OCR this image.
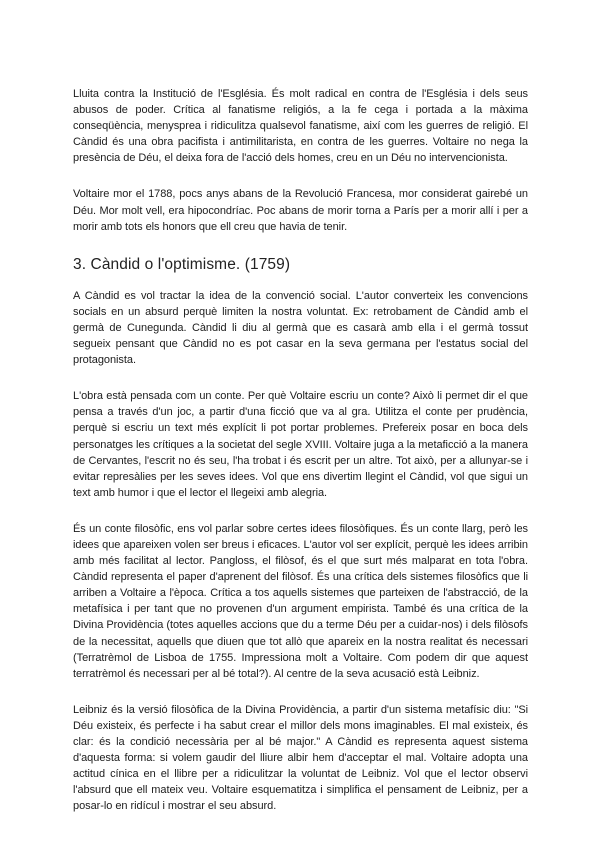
Lluita contra la Institució de l'Església. És molt radical en contra de l'Església i dels seus abusos de poder. Crítica al fanatisme religiós, a la fe cega i portada a la màxima conseqüència, menysprea i ridiculitza qualsevol fanatisme, així com les guerres de religió. El Càndid és una obra pacifista i antimilitarista, en contra de les guerres. Voltaire no nega la presència de Déu, el deixa fora de l'acció dels homes, creu en un Déu no intervencionista.

Voltaire mor el 1788, pocs anys abans de la Revolució Francesa, mor considerat gairebé un Déu. Mor molt vell, era hipocondríac. Poc abans de morir torna a París per a morir allí i per a morir amb tots els honors que ell creu que havia de tenir.

3. Càndid o l'optimisme. (1759)

A Càndid es vol tractar la idea de la convenció social. L'autor converteix les convencions socials en un absurd perquè limiten la nostra voluntat. Ex: retrobament de Càndid amb el germà de Cunegunda. Càndid li diu al germà que es casarà amb ella i el germà tossut segueix pensant que Càndid no es pot casar en la seva germana per l'estatus social del protagonista.

L'obra està pensada com un conte. Per què Voltaire escriu un conte? Això li permet dir el que pensa a través d'un joc, a partir d'una ficció que va al gra. Utilitza el conte per prudència, perquè si escriu un text més explícit li pot portar problemes. Prefereix posar en boca dels personatges les crítiques a la societat del segle XVIII. Voltaire juga a la metaficció a la manera de Cervantes, l'escrit no és seu, l'ha trobat i és escrit per un altre. Tot això, per a allunyar-se i evitar represàlies per les seves idees. Vol que ens divertim llegint el Càndid, vol que sigui un text amb humor i que el lector el llegeixi amb alegria.

És un conte filosòfic, ens vol parlar sobre certes idees filosòfiques. És un conte llarg, però les idees que apareixen volen ser breus i eficaces. L'autor vol ser explícit, perquè les idees arribin amb més facilitat al lector. Pangloss, el filòsof, és el que surt més malparat en tota l'obra. Càndid representa el paper d'aprenent del filòsof. És una crítica dels sistemes filosòfics que li arriben a Voltaire a l'època. Crítica a tos aquells sistemes que parteixen de l'abstracció, de la metafísica i per tant que no provenen d'un argument empirista. També és una crítica de la Divina Providència (totes aquelles accions que du a terme Déu per a cuidar-nos) i dels filòsofs de la necessitat, aquells que diuen que tot allò que apareix en la nostra realitat és necessari (Terratrèmol de Lisboa de 1755. Impressiona molt a Voltaire. Com podem dir que aquest terratrèmol és necessari per al bé total?). Al centre de la seva acusació està Leibniz.

Leibniz és la versió filosòfica de la Divina Providència, a partir d'un sistema metafísic diu: "Si Déu existeix, és perfecte i ha sabut crear el millor dels mons imaginables. El mal existeix, és clar: és la condició necessària per al bé major." A Càndid es representa aquest sistema d'aquesta forma: si volem gaudir del lliure albir hem d'acceptar el mal. Voltaire adopta una actitud cínica en el llibre per a ridiculitzar la voluntat de Leibniz. Vol que el lector observi l'absurd que ell mateix veu. Voltaire esquematitza i simplifica el pensament de Leibniz, per a posar-lo en ridícul i mostrar el seu absurd.
